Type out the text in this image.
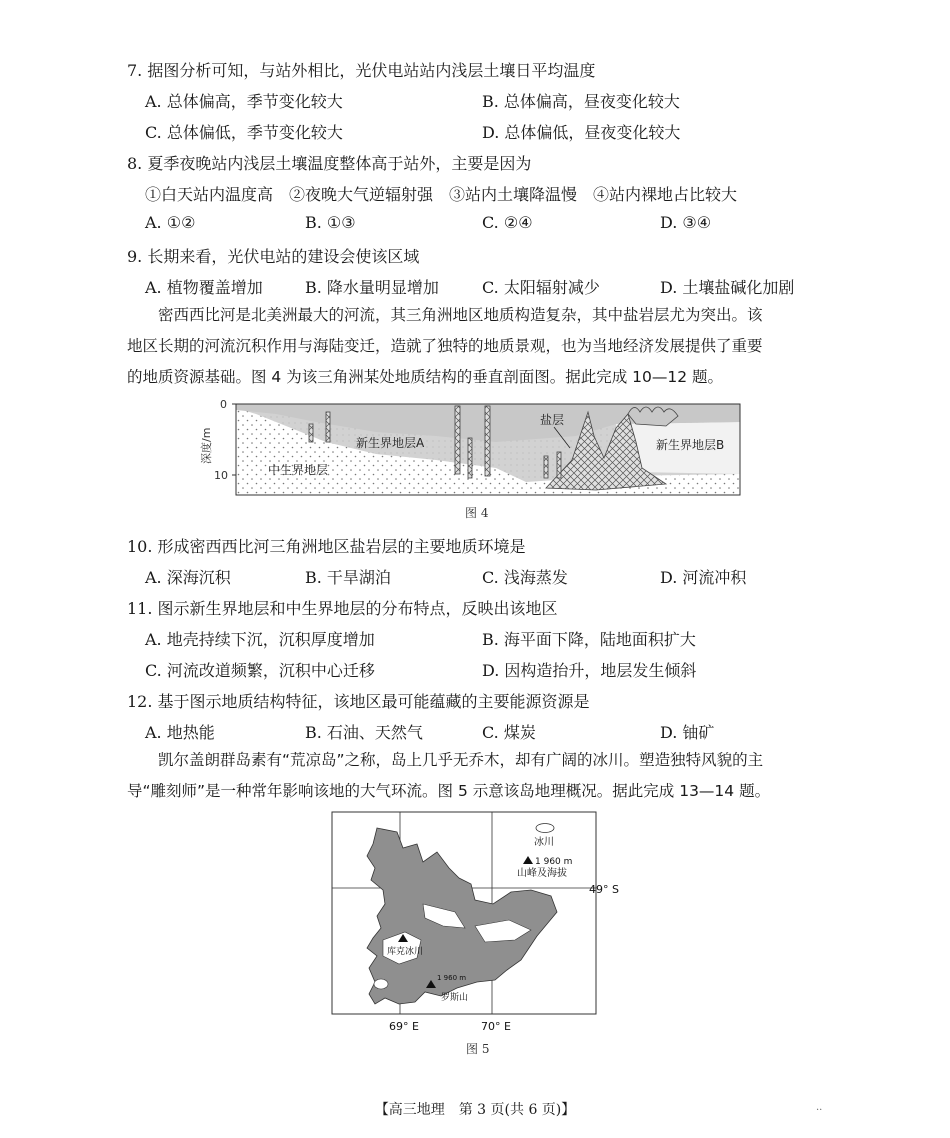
7. 据图分析可知，与站外相比，光伏电站站内浅层土壤日平均温度
A. 总体偏高，季节变化较大	B. 总体偏高，昼夜变化较大
C. 总体偏低，季节变化较大	D. 总体偏低，昼夜变化较大
8. 夏季夜晚站内浅层土壤温度整体高于站外，主要是因为
①白天站内温度高　②夜晚大气逆辐射强　③站内土壤降温慢　④站内裸地占比较大
A. ①②	B. ①③	C. ②④	D. ③④
9. 长期来看，光伏电站的建设会使该区域
A. 植物覆盖增加	B. 降水量明显增加	C. 太阳辐射减少	D. 土壤盐碱化加剧

　　密西西比河是北美洲最大的河流，其三角洲地区地质构造复杂，其中盐岩层尤为突出。该

地区长期的河流沉积作用与海陆变迁，造就了独特的地质景观，也为当地经济发展提供了重要

的地质资源基础。图 4 为该三角洲某处地质结构的垂直剖面图。据此完成 10—12 题。

0
10
深度/m	新生界地层A	新生界地层B
盐层
中生界地层
图 4
10. 形成密西西比河三角洲地区盐岩层的主要地质环境是
A. 深海沉积	B. 干旱湖泊	C. 浅海蒸发	D. 河流冲积
11. 图示新生界地层和中生界地层的分布特点，反映出该地区
A. 地壳持续下沉，沉积厚度增加	B. 海平面下降，陆地面积扩大
C. 河流改道频繁，沉积中心迁移	D. 因构造抬升，地层发生倾斜
12. 基于图示地质结构特征，该地区最可能蕴藏的主要能源资源是
A. 地热能	B. 石油、天然气	C. 煤炭	D. 铀矿

　　凯尔盖朗群岛素有“荒凉岛”之称，岛上几乎无乔木，却有广阔的冰川。塑造独特风貌的主

导“雕刻师”是一种常年影响该地的大气环流。图 5 示意该岛地理概况。据此完成 13—14 题。

库克冰川
1 960 m
罗斯山
冰川
1 960 m
山峰及海拔
49° S
69° E	70° E
图 5
【高三地理　第 3 页(共 6 页)】	..
